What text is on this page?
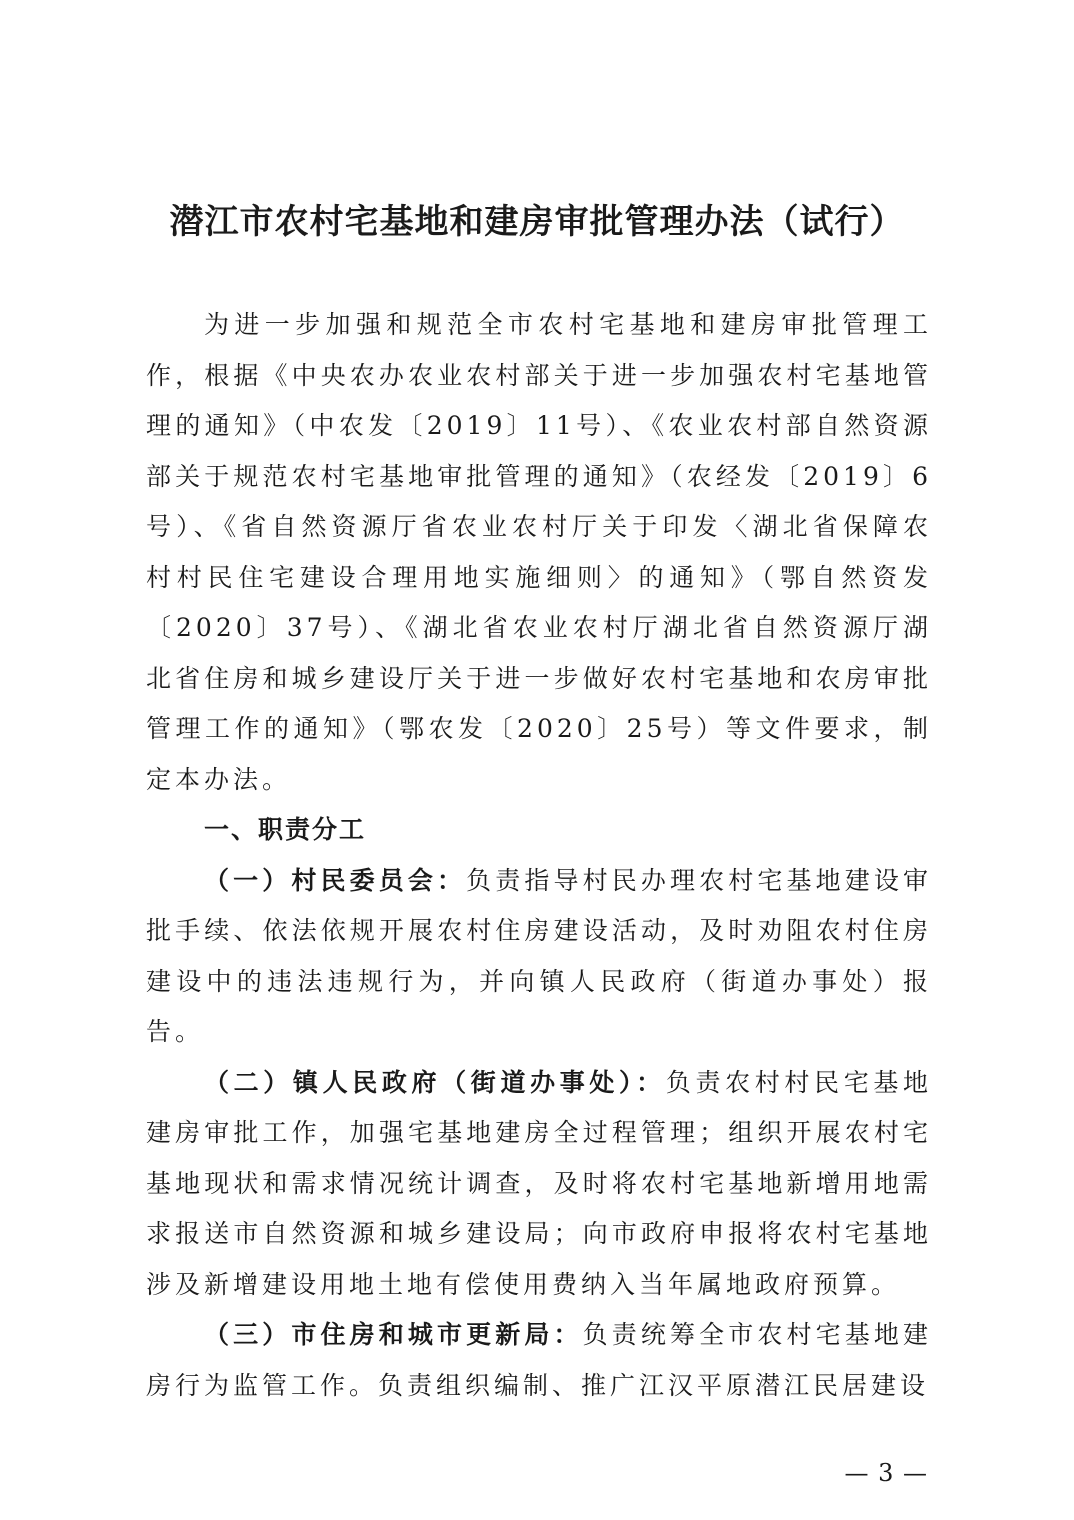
潜江市农村宅基地和建房审批管理办法（试行）

为进一步加强和规范全市农村宅基地和建房审批管理工作，根据《中央农办农业农村部关于进一步加强农村宅基地管理的通知》（中农发〔2019〕11号）、《农业农村部自然资源部关于规范农村宅基地审批管理的通知》（农经发〔2019〕6号）、《省自然资源厅省农业农村厅关于印发〈湖北省保障农村村民住宅建设合理用地实施细则〉的通知》（鄂自然资发〔2020〕37号）、《湖北省农业农村厅湖北省自然资源厅湖北省住房和城乡建设厅关于进一步做好农村宅基地和农房审批管理工作的通知》（鄂农发〔2020〕25号）等文件要求，制定本办法。

一、职责分工

（一）村民委员会：负责指导村民办理农村宅基地建设审批手续、依法依规开展农村住房建设活动，及时劝阻农村住房建设中的违法违规行为，并向镇人民政府（街道办事处）报告。

（二）镇人民政府（街道办事处）：负责农村村民宅基地建房审批工作，加强宅基地建房全过程管理；组织开展农村宅基地现状和需求情况统计调查，及时将农村宅基地新增用地需求报送市自然资源和城乡建设局；向市政府申报将农村宅基地涉及新增建设用地土地有偿使用费纳入当年属地政府预算。

（三）市住房和城市更新局：负责统筹全市农村宅基地建房行为监管工作。负责组织编制、推广江汉平原潜江民居建设

— 3 —
